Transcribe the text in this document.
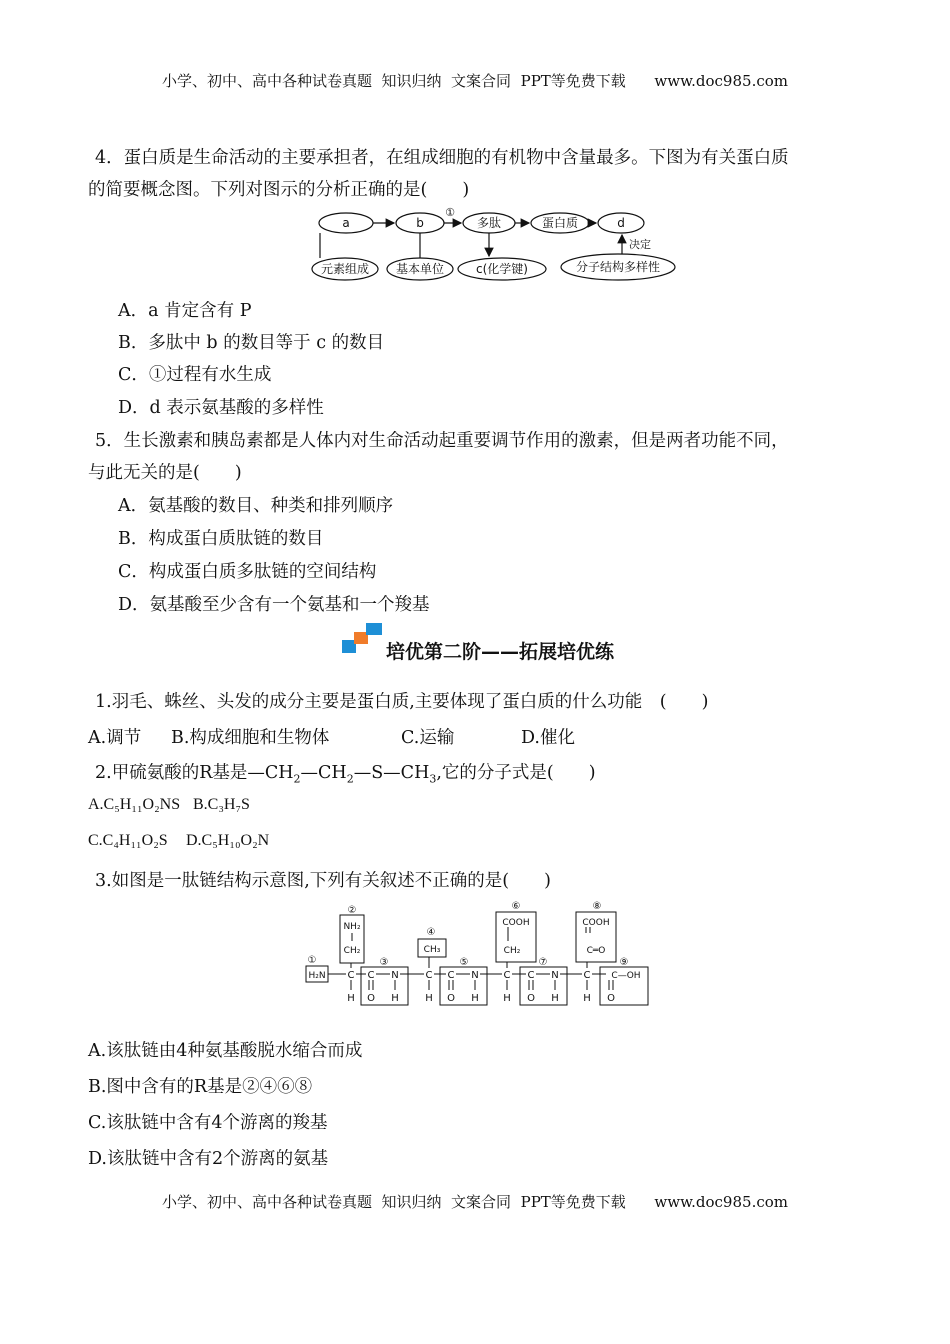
小学、初中、高中各种试卷真题  知识归纳  文案合同  PPT等免费下载      www.doc985.com
4．蛋白质是生命活动的主要承担者，在组成细胞的有机物中含量最多。下图为有关蛋白质
的简要概念图。下列对图示的分析正确的是(　　)
a	b
①
多肽	蛋白质	d
元素组成 基本单位	c(化学键)	分子结构多样性
决定
A．a 肯定含有 P
B．多肽中 b 的数目等于 c 的数目
C．①过程有水生成
D．d 表示氨基酸的多样性
5．生长激素和胰岛素都是人体内对生命活动起重要调节作用的激素，但是两者功能不同，
与此无关的是(　　)
A．氨基酸的数目、种类和排列顺序
B．构成蛋白质肽链的数目
C．构成蛋白质多肽链的空间结构
D．氨基酸至少含有一个氨基和一个羧基
培优第二阶——拓展培优练
1.羽毛、蛛丝、头发的成分主要是蛋白质,主要体现了蛋白质的什么功能　(　　)
A.调节 B.构成细胞和生物体	C.运输	D.催化
2.甲硫氨酸的R基是$—CH_2—CH_2—S—CH_3$,它的分子式是(　　)
A.C₅H₁₁O₂NS B.C₃H₇S
C.C₄H₁₁O₂S D.C₅H₁₀O₂N
3.如图是一肽链结构示意图,下列有关叙述不正确的是(　　)
①
②
③
④
⑤
⑥
⑦
⑧
⑨
H₂N
NH₂
CH₂	CH₃
COOH
CH₂
COOH
C═O
C C N	C C N C C N C C—OH
H O H	H O H H O H H O
A.该肽链由4种氨基酸脱水缩合而成
B.图中含有的R基是②④⑥⑧
C.该肽链中含有4个游离的羧基
D.该肽链中含有2个游离的氨基
小学、初中、高中各种试卷真题  知识归纳  文案合同  PPT等免费下载      www.doc985.com
